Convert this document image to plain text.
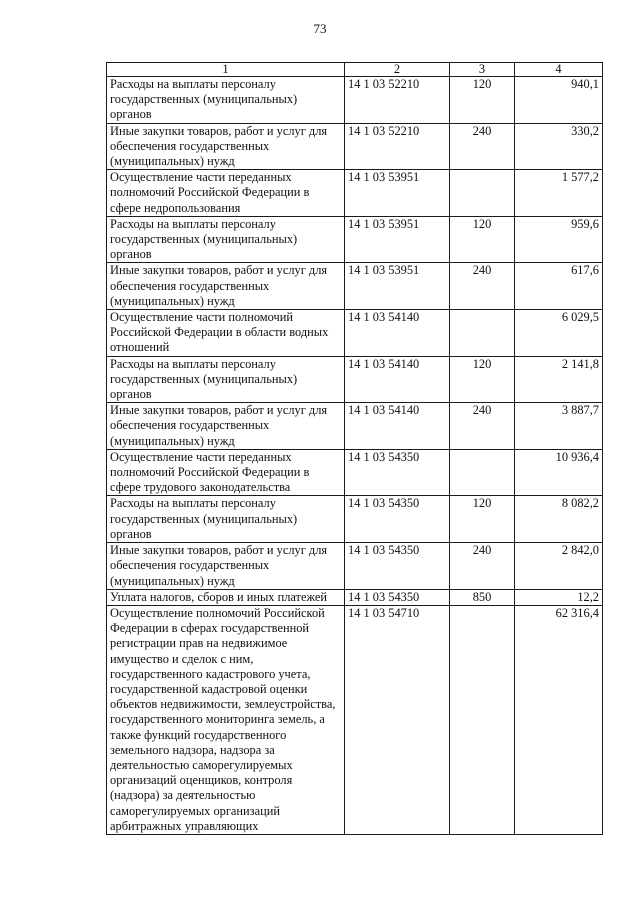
73
1	2	3	4
Расходы на выплаты персоналу государственных (муниципальных) органов	14 1 03 52210	120	940,1
Иные закупки товаров, работ и услуг для обеспечения государственных (муниципальных) нужд	14 1 03 52210	240	330,2
Осуществление части переданных полномочий Российской Федерации в сфере недропользования	14 1 03 53951		1 577,2
Расходы на выплаты персоналу государственных (муниципальных) органов	14 1 03 53951	120	959,6
Иные закупки товаров, работ и услуг для обеспечения государственных (муниципальных) нужд	14 1 03 53951	240	617,6
Осуществление части полномочий Российской Федерации в области водных отношений	14 1 03 54140		6 029,5
Расходы на выплаты персоналу государственных (муниципальных) органов	14 1 03 54140	120	2 141,8
Иные закупки товаров, работ и услуг для обеспечения государственных (муниципальных) нужд	14 1 03 54140	240	3 887,7
Осуществление части переданных полномочий Российской Федерации в сфере трудового законодательства	14 1 03 54350		10 936,4
Расходы на выплаты персоналу государственных (муниципальных) органов	14 1 03 54350	120	8 082,2
Иные закупки товаров, работ и услуг для обеспечения государственных (муниципальных) нужд	14 1 03 54350	240	2 842,0
Уплата налогов, сборов и иных платежей	14 1 03 54350	850	12,2
Осуществление полномочий Российской Федерации в сферах государственной регистрации прав на недвижимое имущество и сделок с ним, государственного кадастрового учета, государственной кадастровой оценки объектов недвижимости, землеустройства, государственного мониторинга земель, а также функций государственного земельного надзора, надзора за деятельностью саморегулируемых организаций оценщиков, контроля (надзора) за деятельностью саморегулируемых организаций арбитражных управляющих	14 1 03 54710		62 316,4
